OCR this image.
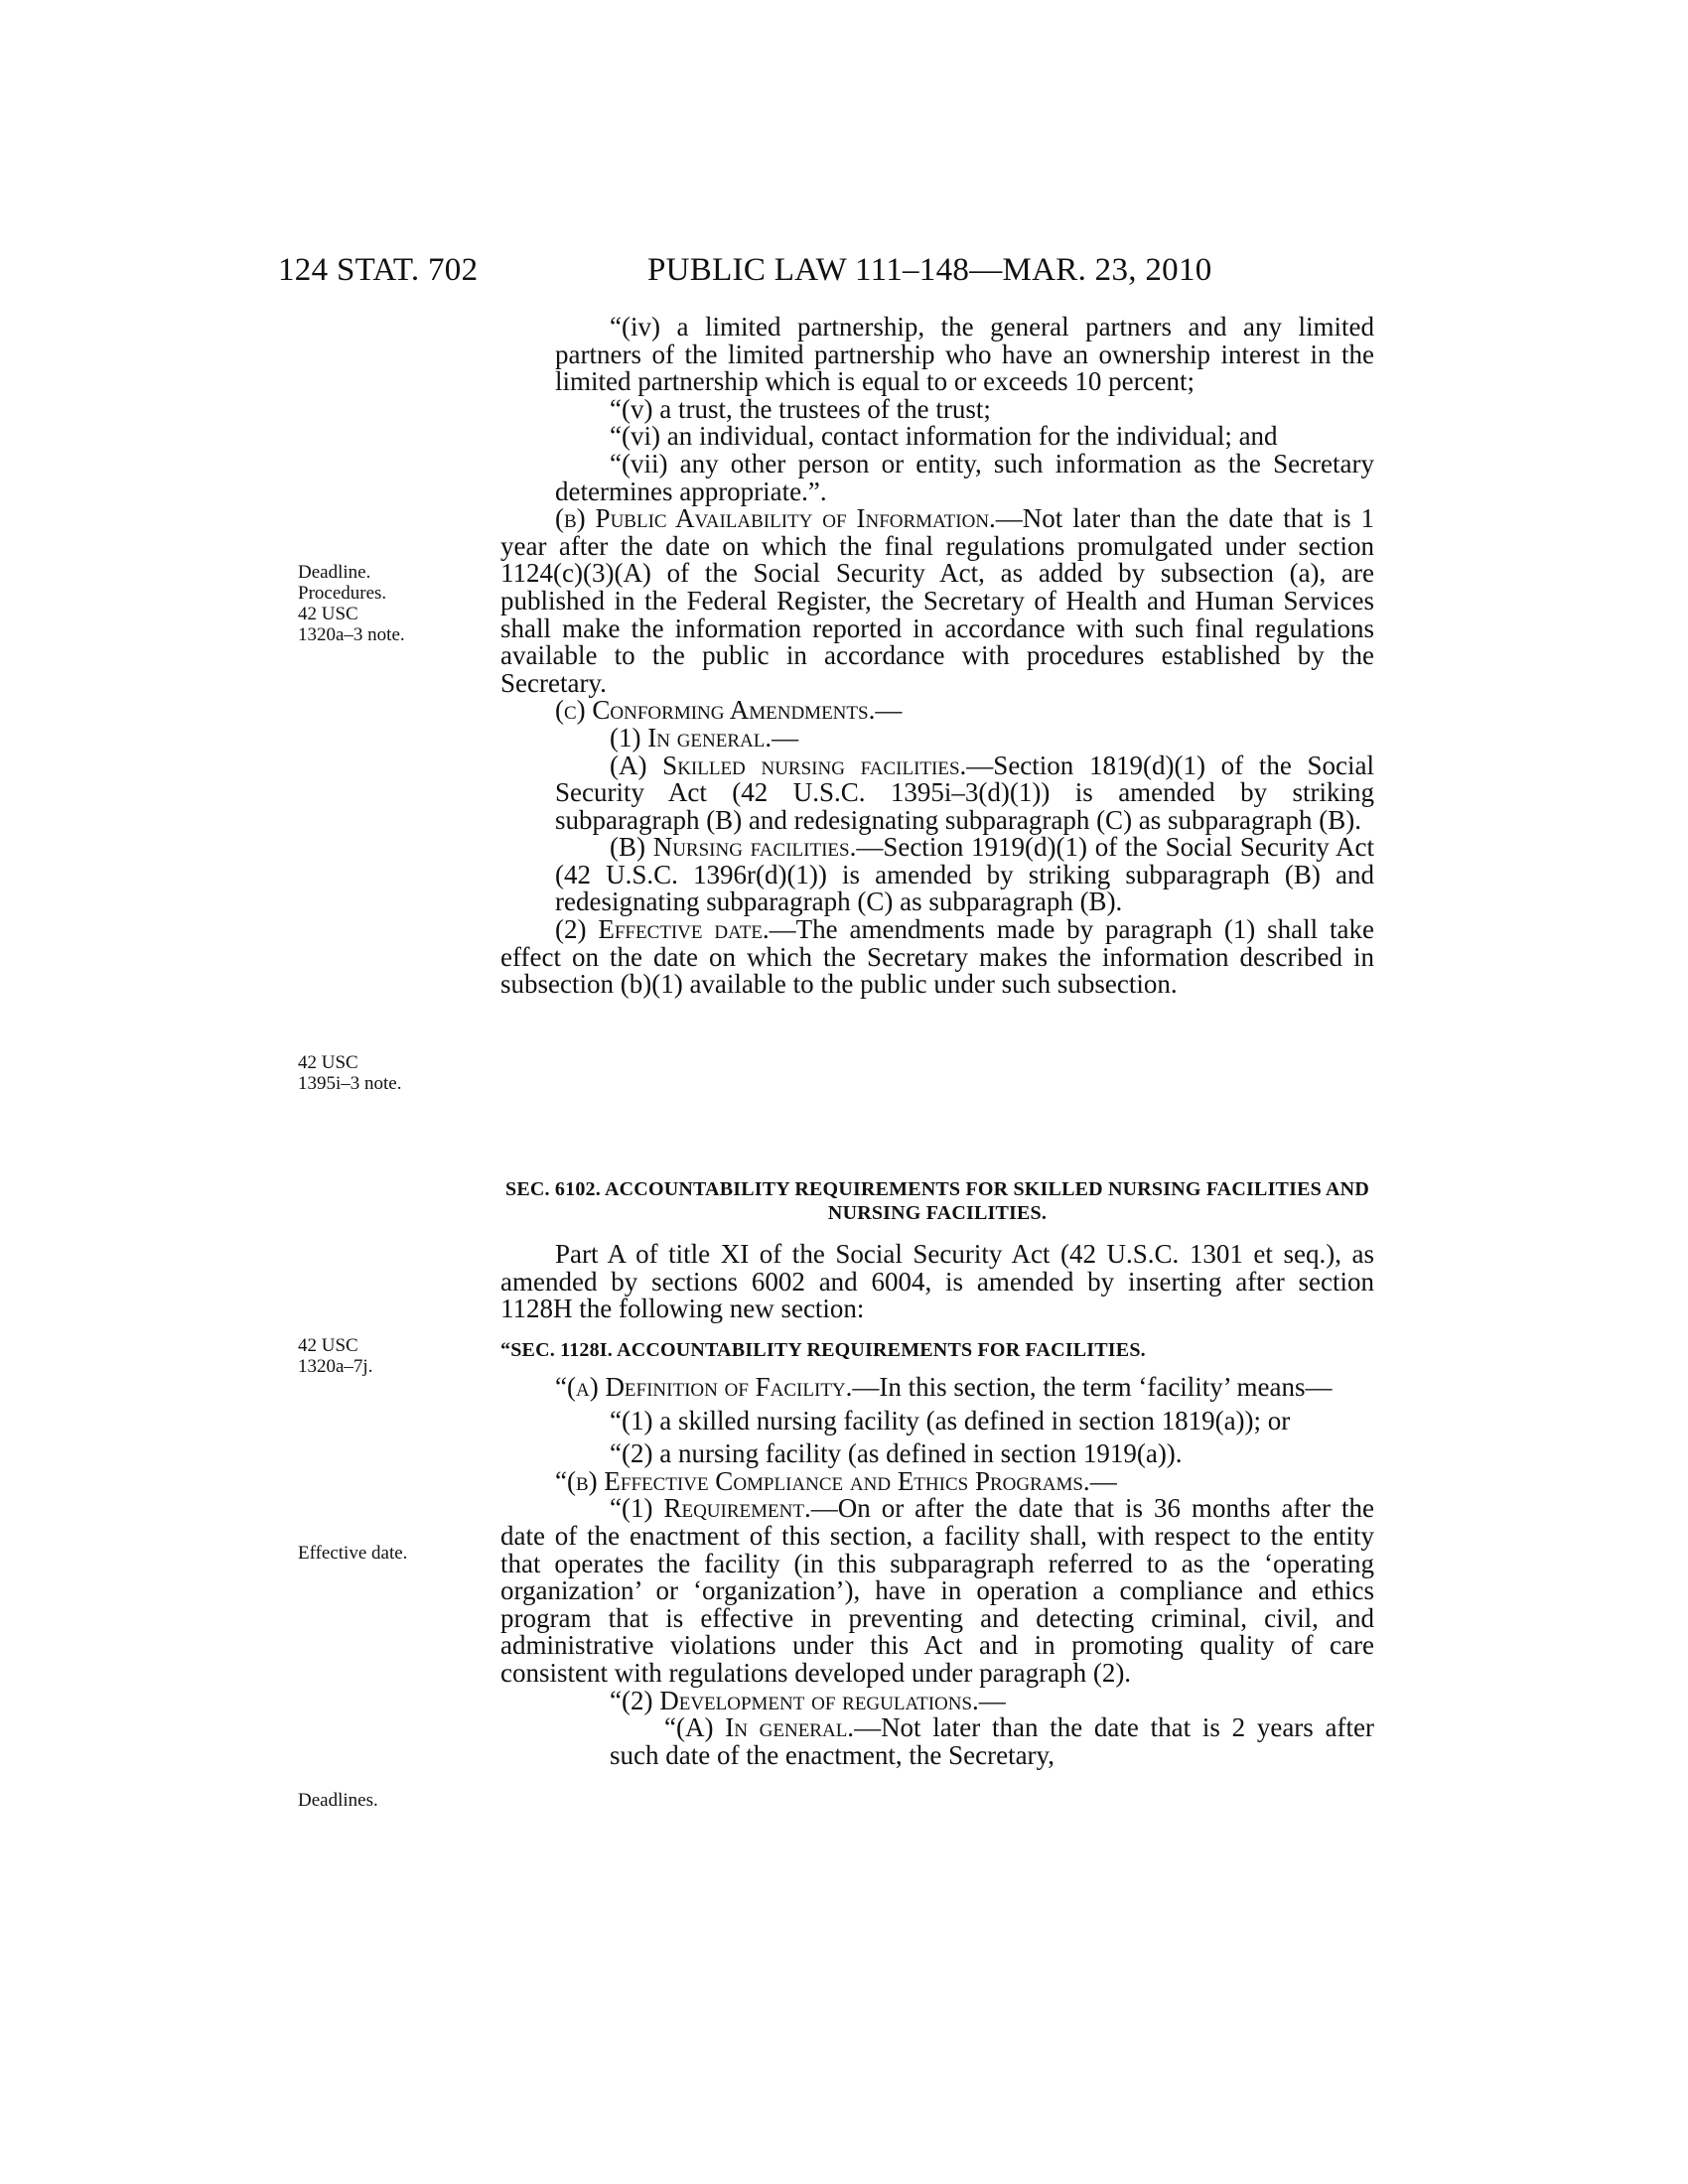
124 STAT. 702	PUBLIC LAW 111–148—MAR. 23, 2010
Deadline.
Procedures.
42 USC
1320a–3 note.
42 USC
1395i–3 note.
42 USC
1320a–7j.
Effective date.
Deadlines.

“(iv) a limited partnership, the general partners and any limited partners of the limited partnership who have an ownership interest in the limited partnership which is equal to or exceeds 10 percent;

“(v) a trust, the trustees of the trust;

“(vi) an individual, contact information for the individual; and

“(vii) any other person or entity, such information as the Secretary determines appropriate.”.

(b) Public Availability of Information.—Not later than the date that is 1 year after the date on which the final regulations promulgated under section 1124(c)(3)(A) of the Social Security Act, as added by subsection (a), are published in the Federal Register, the Secretary of Health and Human Services shall make the information reported in accordance with such final regulations available to the public in accordance with procedures established by the Secretary.

(c) Conforming Amendments.—

(1) In general.—

(A) Skilled nursing facilities.—Section 1819(d)(1) of the Social Security Act (42 U.S.C. 1395i–3(d)(1)) is amended by striking subparagraph (B) and redesignating subparagraph (C) as subparagraph (B).

(B) Nursing facilities.—Section 1919(d)(1) of the Social Security Act (42 U.S.C. 1396r(d)(1)) is amended by striking subparagraph (B) and redesignating subparagraph (C) as subparagraph (B).

(2) Effective date.—The amendments made by paragraph (1) shall take effect on the date on which the Secretary makes the information described in subsection (b)(1) available to the public under such subsection.

SEC. 6102. ACCOUNTABILITY REQUIREMENTS FOR SKILLED NURSING FACILITIES AND NURSING FACILITIES.

Part A of title XI of the Social Security Act (42 U.S.C. 1301 et seq.), as amended by sections 6002 and 6004, is amended by inserting after section 1128H the following new section:

“SEC. 1128I. ACCOUNTABILITY REQUIREMENTS FOR FACILITIES.

“(a) Definition of Facility.—In this section, the term ‘facility’ means—

“(1) a skilled nursing facility (as defined in section 1819(a)); or

“(2) a nursing facility (as defined in section 1919(a)).

“(b) Effective Compliance and Ethics Programs.—

“(1) Requirement.—On or after the date that is 36 months after the date of the enactment of this section, a facility shall, with respect to the entity that operates the facility (in this subparagraph referred to as the ‘operating organization’ or ‘organization’), have in operation a compliance and ethics program that is effective in preventing and detecting criminal, civil, and administrative violations under this Act and in promoting quality of care consistent with regulations developed under paragraph (2).

“(2) Development of regulations.—

“(A) In general.—Not later than the date that is 2 years after such date of the enactment, the Secretary,
